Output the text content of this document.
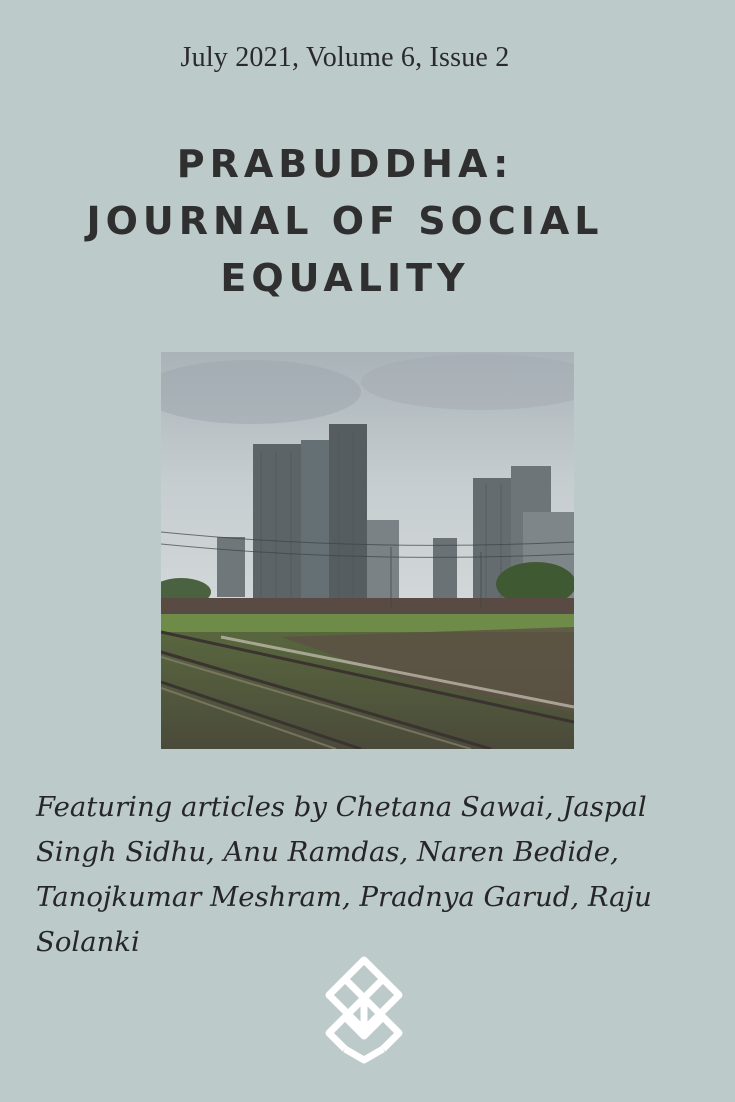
July 2021, Volume 6, Issue 2
PRABUDDHA:
JOURNAL OF SOCIAL
EQUALITY
Featuring articles by Chetana Sawai, Jaspal Singh Sidhu, Anu Ramdas, Naren Bedide, Tanojkumar Meshram, Pradnya Garud, Raju Solanki
